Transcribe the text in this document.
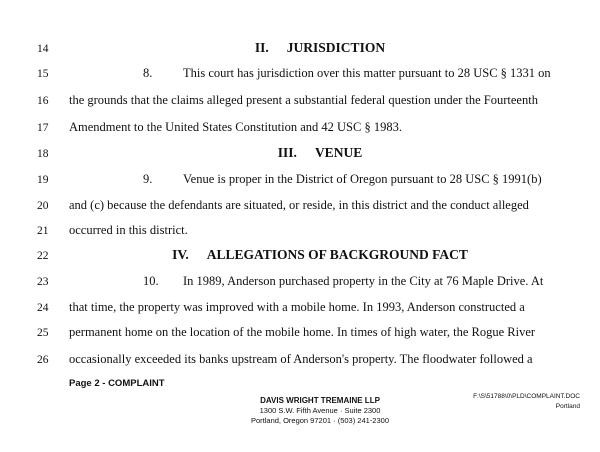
14
15
16
17
18
19
20
21
22
23
24
25
26
II. JURISDICTION
8. This court has jurisdiction over this matter pursuant to 28 USC § 1331 on
the grounds that the claims alleged present a substantial federal question under the Fourteenth
Amendment to the United States Constitution and 42 USC § 1983.
III. VENUE
9. Venue is proper in the District of Oregon pursuant to 28 USC § 1991(b)
and (c) because the defendants are situated, or reside, in this district and the conduct alleged
occurred in this district.
IV. ALLEGATIONS OF BACKGROUND FACT
10. In 1989, Anderson purchased property in the City at 76 Maple Drive. At
that time, the property was improved with a mobile home. In 1993, Anderson constructed a
permanent home on the location of the mobile home. In times of high water, the Rogue River
occasionally exceeded its banks upstream of Anderson's property. The floodwater followed a
Page 2 - COMPLAINT
DAVIS WRIGHT TREMAINE LLP
1300 S.W. Fifth Avenue · Suite 2300
Portland, Oregon 97201 · (503) 241-2300
F:\S\51788\0\PLD\COMPLAINT.DOC
Portland
